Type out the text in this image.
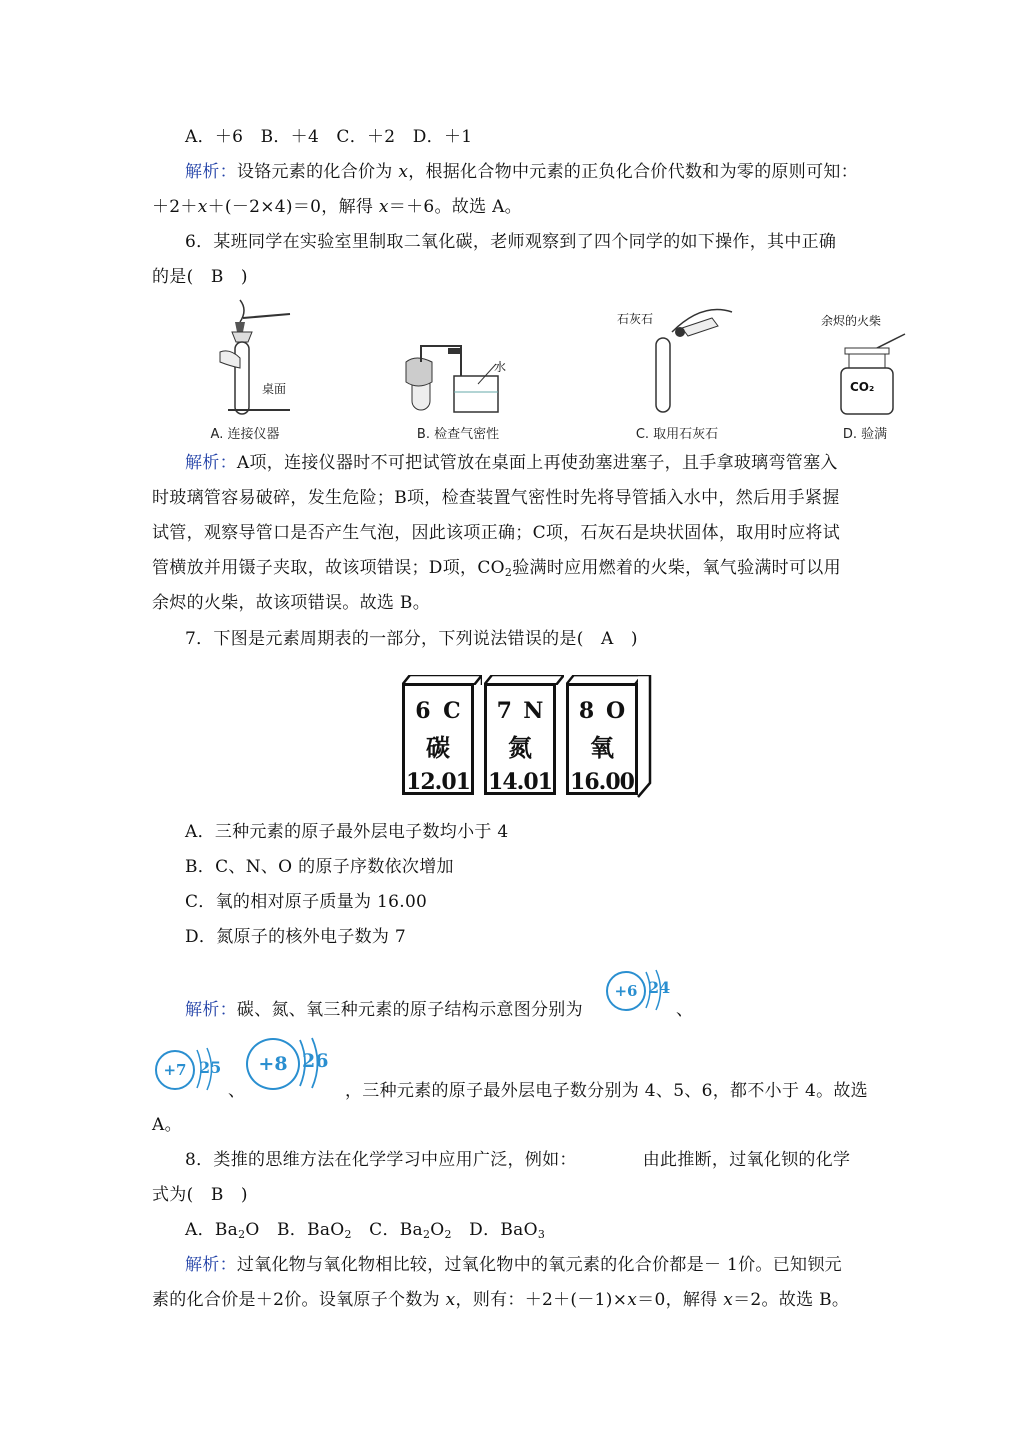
A．＋6　B．＋4　C．＋2　D．＋1
解析：设铬元素的化合价为 x，根据化合物中元素的正负化合价代数和为零的原则可知：
＋2＋x＋(－2×4)＝0，解得 x＝＋6。故选 A。
6．某班同学在实验室里制取二氧化碳，老师观察到了四个同学的如下操作，其中正确
的是(　B　)
桌面
A. 连接仪器
水
B. 检查气密性
石灰石
C. 取用石灰石
余烬的火柴
CO₂
D. 验满
解析：A项，连接仪器时不可把试管放在桌面上再使劲塞进塞子，且手拿玻璃弯管塞入
时玻璃管容易破碎，发生危险；B项，检查装置气密性时先将导管插入水中，然后用手紧握
试管，观察导管口是否产生气泡，因此该项正确；C项，石灰石是块状固体，取用时应将试
管横放并用镊子夹取，故该项错误；D项，$CO_2$验满时应用燃着的火柴，氧气验满时可以用
余烬的火柴，故该项错误。故选 B。
7．下图是元素周期表的一部分，下列说法错误的是(　A　)
6 C
碳
12.01
7 N
氮
14.01
8 O
氧
16.00
A．三种元素的原子最外层电子数均小于 4
B．C、N、O 的原子序数依次增加
C．氧的相对原子质量为 16.00
D．氮原子的核外电子数为 7
解析：碳、氮、氧三种元素的原子结构示意图分别为
+6 24
、
+7 25
、
+8 26
，三种元素的原子最外层电子数分别为 4、5、6，都不小于 4。故选
A。
8．类推的思维方法在化学学习中应用广泛，例如：	由此推断，过氧化钡的化学
式为(　B　)
A．$Ba_2O$　B．BaO$_2$　C．$Ba_2O_2$　D．BaO$_3$
解析：过氧化物与氧化物相比较，过氧化物中的氧元素的化合价都是－ 1价。已知钡元
素的化合价是＋2价。设氧原子个数为 x，则有：＋2＋(－1)×x＝0，解得 x＝2。故选 B。
